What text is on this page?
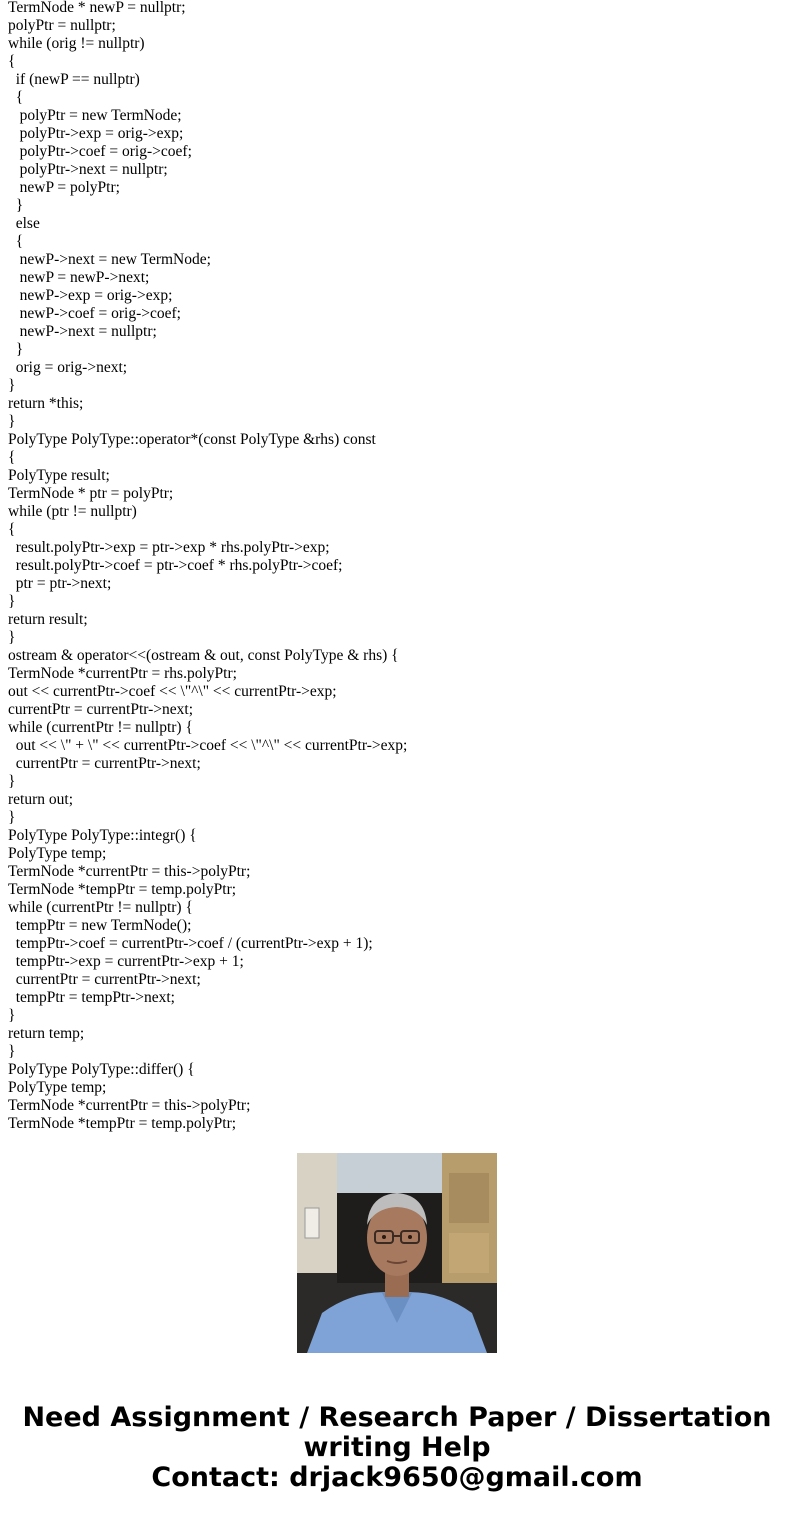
TermNode * newP = nullptr;
polyPtr = nullptr;
while (orig != nullptr)
{
if (newP == nullptr)
{
polyPtr = new TermNode;
polyPtr->exp = orig->exp;
polyPtr->coef = orig->coef;
polyPtr->next = nullptr;
newP = polyPtr;
}
else
{
newP->next = new TermNode;
newP = newP->next;
newP->exp = orig->exp;
newP->coef = orig->coef;
newP->next = nullptr;
}
orig = orig->next;
}
return *this;
}
PolyType PolyType::operator*(const PolyType &rhs) const
{
PolyType result;
TermNode * ptr = polyPtr;
while (ptr != nullptr)
{
result.polyPtr->exp = ptr->exp * rhs.polyPtr->exp;
result.polyPtr->coef = ptr->coef * rhs.polyPtr->coef;
ptr = ptr->next;
}
return result;
}
ostream & operator<<(ostream & out, const PolyType & rhs) {
TermNode *currentPtr = rhs.polyPtr;
out << currentPtr->coef << \"^\" << currentPtr->exp;
currentPtr = currentPtr->next;
while (currentPtr != nullptr) {
out << \" + \" << currentPtr->coef << \"^\" << currentPtr->exp;
currentPtr = currentPtr->next;
}
return out;
}
PolyType PolyType::integr() {
PolyType temp;
TermNode *currentPtr = this->polyPtr;
TermNode *tempPtr = temp.polyPtr;
while (currentPtr != nullptr) {
tempPtr = new TermNode();
tempPtr->coef = currentPtr->coef / (currentPtr->exp + 1);
tempPtr->exp = currentPtr->exp + 1;
currentPtr = currentPtr->next;
tempPtr = tempPtr->next;
}
return temp;
}
PolyType PolyType::differ() {
PolyType temp;
TermNode *currentPtr = this->polyPtr;
TermNode *tempPtr = temp.polyPtr;
Need Assignment / Research Paper / Dissertation
writing Help
Contact: drjack9650@gmail.com
